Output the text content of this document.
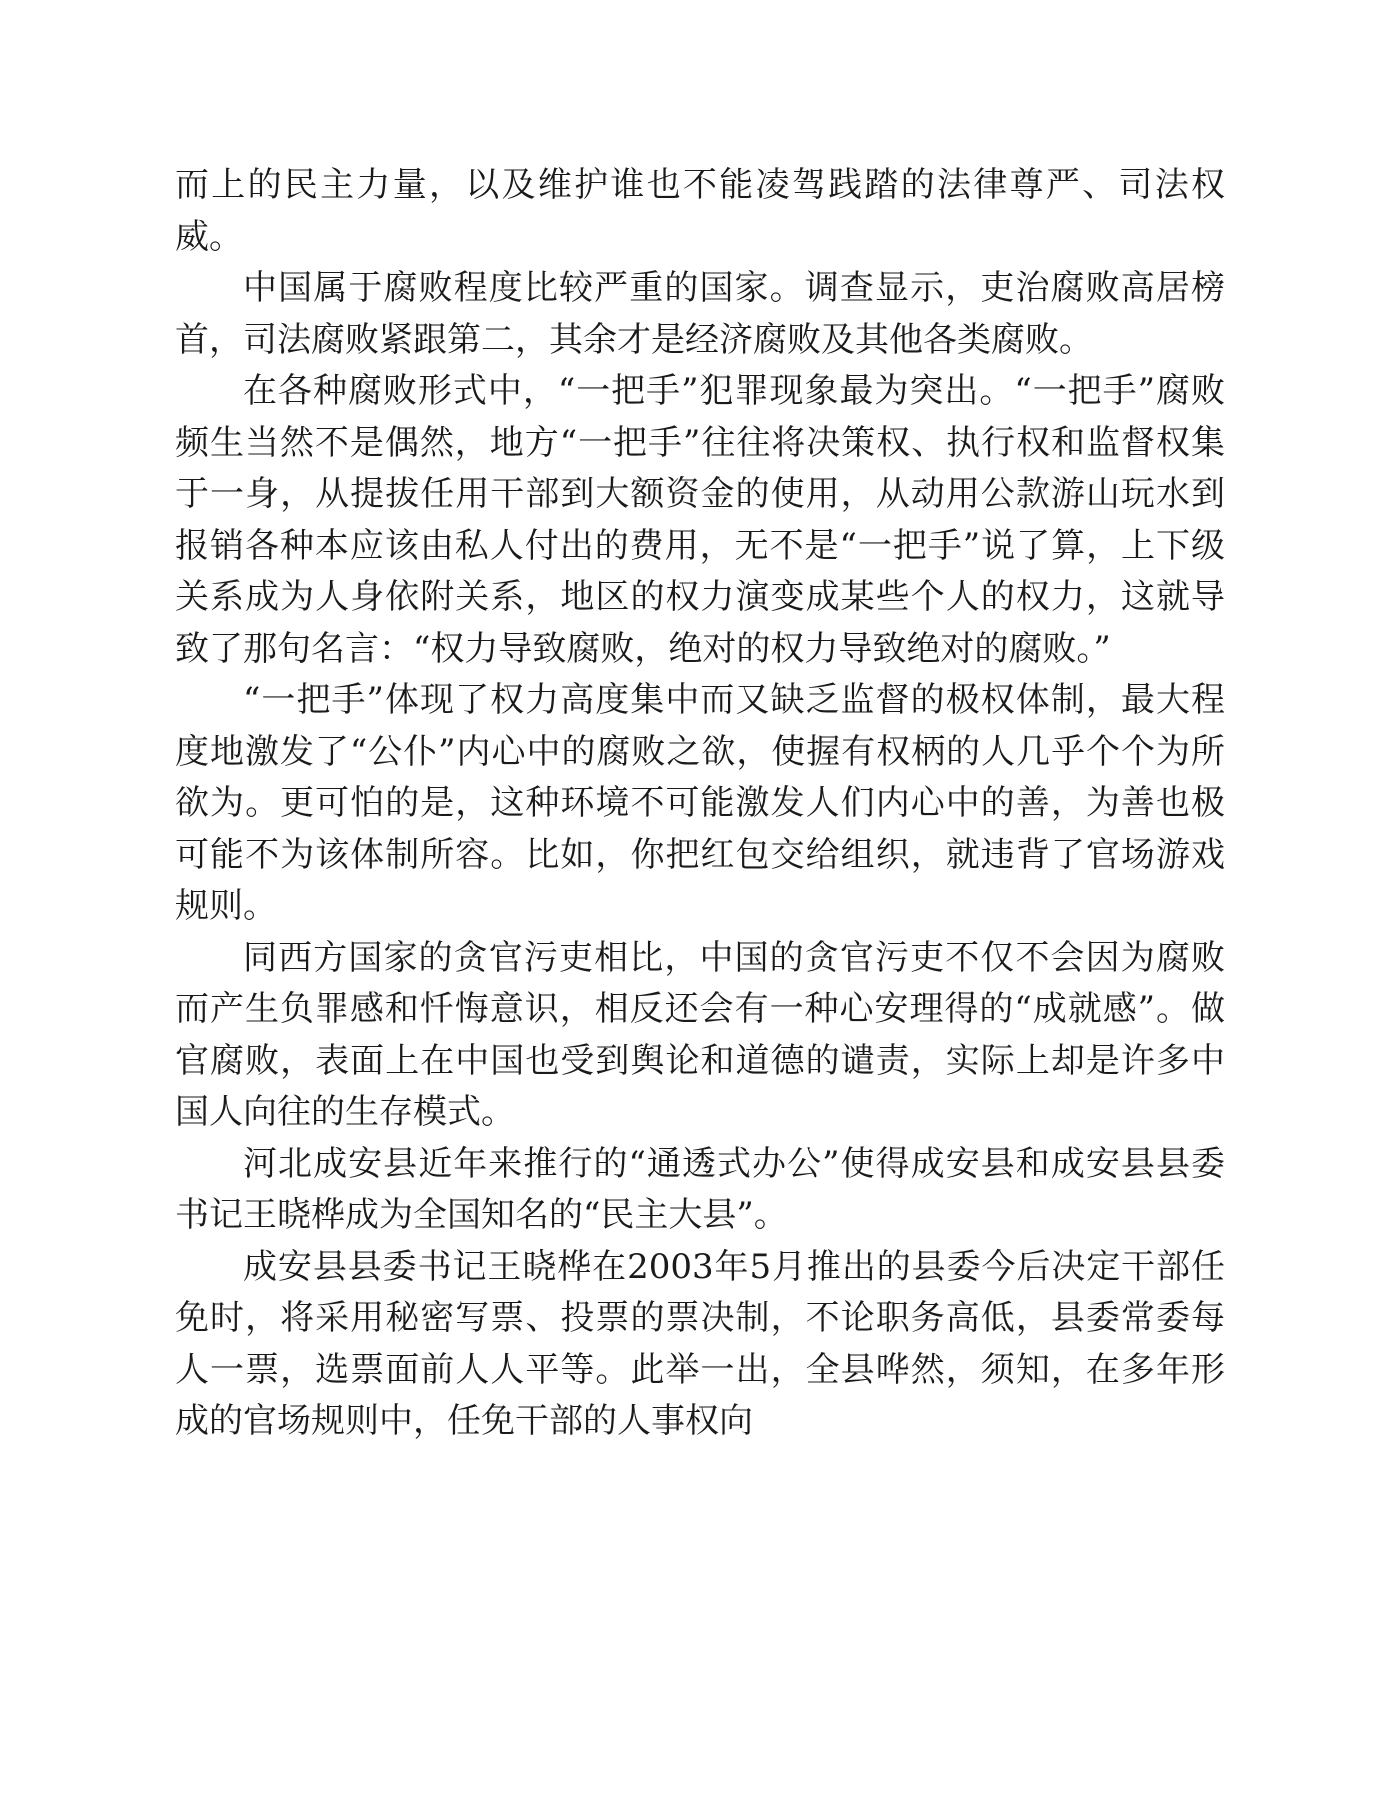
而上的民主力量，以及维护谁也不能凌驾践踏的法律尊严、司法权威。

中国属于腐败程度比较严重的国家。调查显示，吏治腐败高居榜首，司法腐败紧跟第二，其余才是经济腐败及其他各类腐败。

在各种腐败形式中，“一把手”犯罪现象最为突出。“一把手”腐败频生当然不是偶然，地方“一把手”往往将决策权、执行权和监督权集于一身，从提拔任用干部到大额资金的使用，从动用公款游山玩水到报销各种本应该由私人付出的费用，无不是“一把手”说了算，上下级关系成为人身依附关系，地区的权力演变成某些个人的权力，这就导致了那句名言：“权力导致腐败，绝对的权力导致绝对的腐败。”

“一把手”体现了权力高度集中而又缺乏监督的极权体制，最大程度地激发了“公仆”内心中的腐败之欲，使握有权柄的人几乎个个为所欲为。更可怕的是，这种环境不可能激发人们内心中的善，为善也极可能不为该体制所容。比如，你把红包交给组织，就违背了官场游戏规则。

同西方国家的贪官污吏相比，中国的贪官污吏不仅不会因为腐败而产生负罪感和忏悔意识，相反还会有一种心安理得的“成就感”。做官腐败，表面上在中国也受到舆论和道德的谴责，实际上却是许多中国人向往的生存模式。

河北成安县近年来推行的“通透式办公”使得成安县和成安县县委书记王晓桦成为全国知名的“民主大县”。

成安县县委书记王晓桦在2003年5月推出的县委今后决定干部任免时，将采用秘密写票、投票的票决制，不论职务高低，县委常委每人一票，选票面前人人平等。此举一出，全县哗然，须知，在多年形成的官场规则中，任免干部的人事权向
